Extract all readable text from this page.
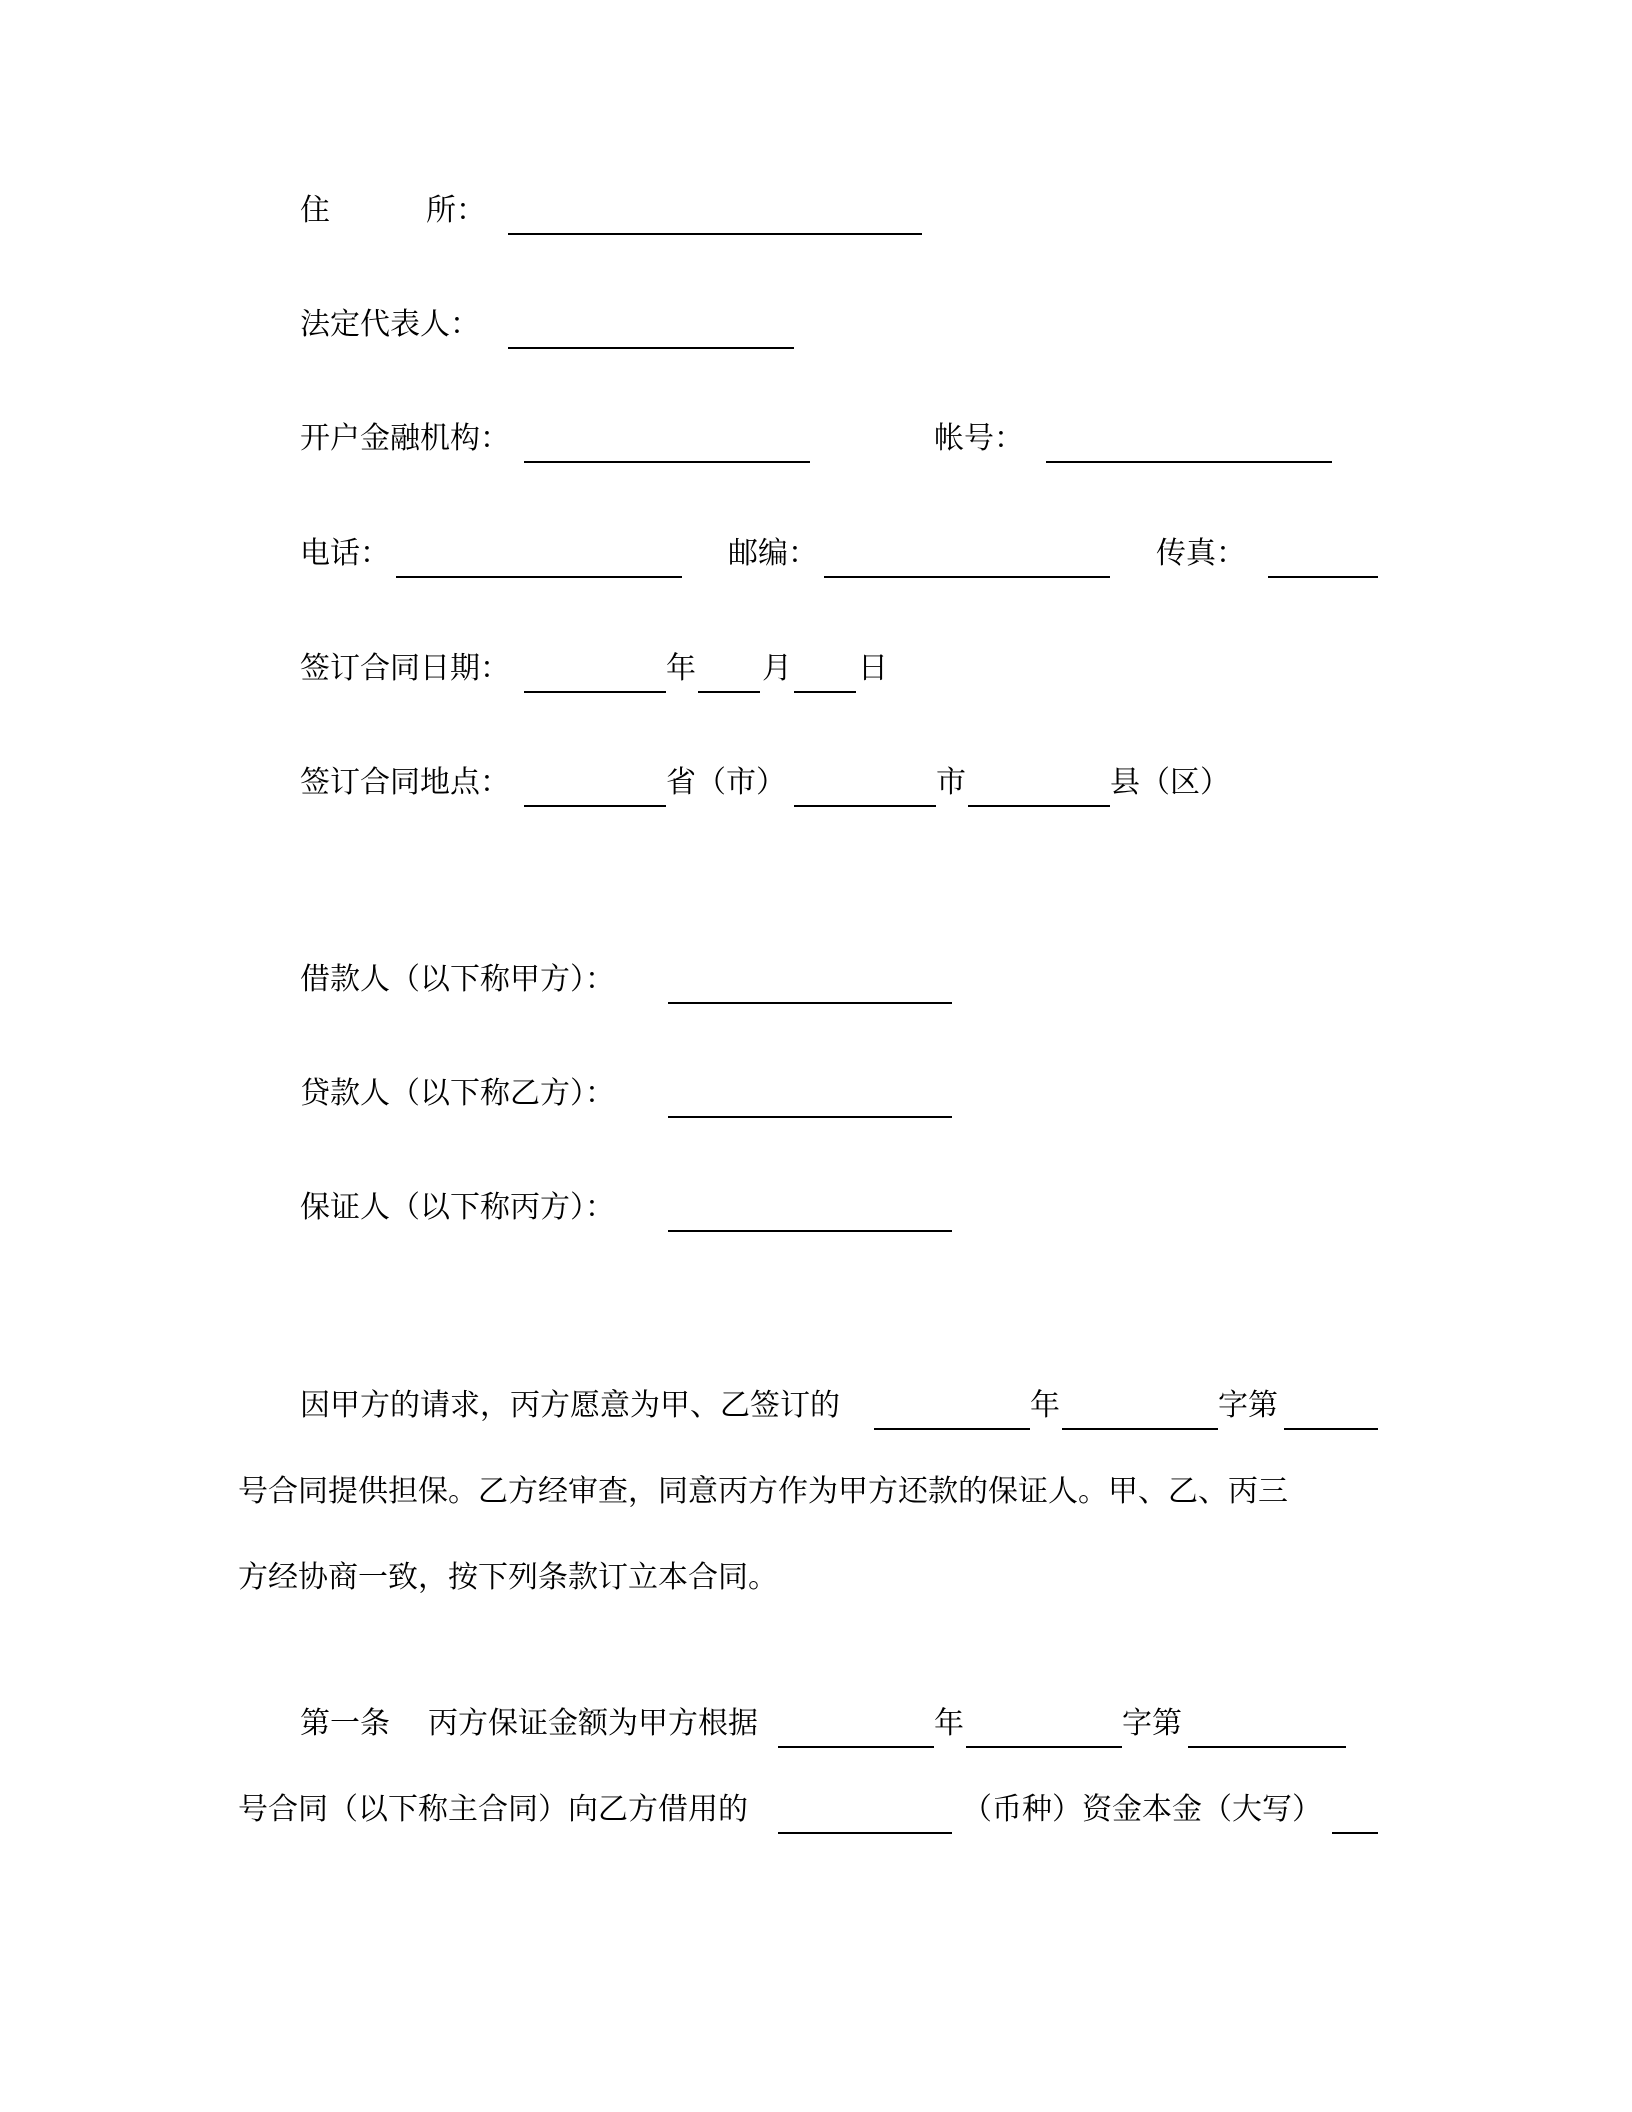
住	所：
法定代表人：
开户金融机构：	帐号：
电话：	邮编：	传真：
签订合同日期：	年 月 日
签订合同地点：	省（市）	市	县（区）
借款人（以下称甲方）：
贷款人（以下称乙方）：
保证人（以下称丙方）：
因甲方的请求，丙方愿意为甲、乙签订的	年	字第
号合同提供担保。乙方经审查，同意丙方作为甲方还款的保证人。甲、乙、丙三
方经协商一致，按下列条款订立本合同。
第一条 丙方保证金额为甲方根据	年	字第
号合同（以下称主合同）向乙方借用的	（币种）资金本金（大写）
